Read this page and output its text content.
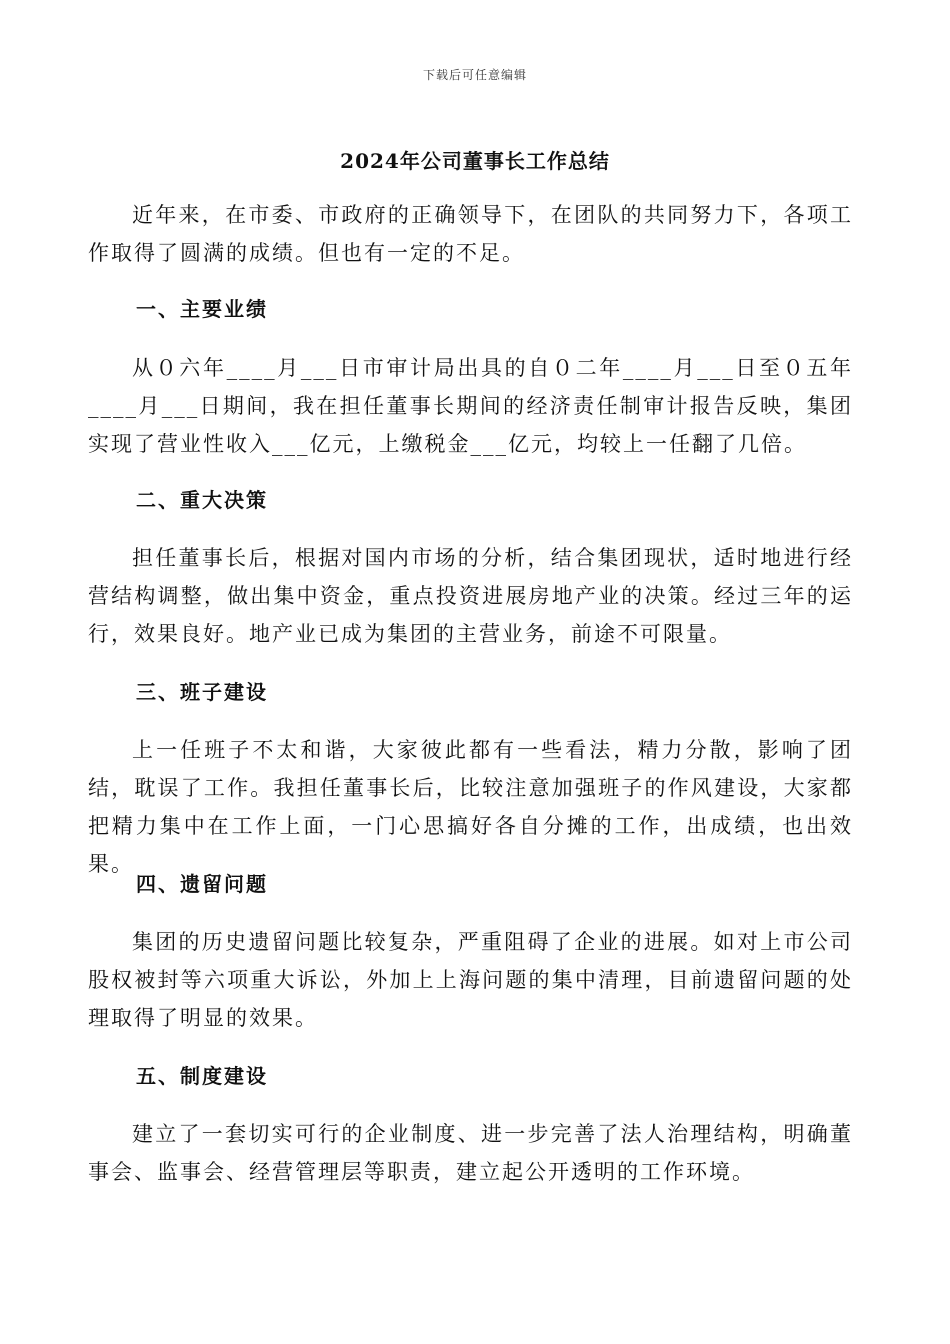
下载后可任意编辑
2024年公司董事长工作总结

近年来，在市委、市政府的正确领导下，在团队的共同努力下，各项工作取得了圆满的成绩。但也有一定的不足。

一、主要业绩

从０六年____月___日市审计局出具的自０二年____月___日至０五年____月___日期间，我在担任董事长期间的经济责任制审计报告反映，集团实现了营业性收入___亿元，上缴税金___亿元，均较上一任翻了几倍。

二、重大决策

担任董事长后，根据对国内市场的分析，结合集团现状，适时地进行经营结构调整，做出集中资金，重点投资进展房地产业的决策。经过三年的运行，效果良好。地产业已成为集团的主营业务，前途不可限量。

三、班子建设

上一任班子不太和谐，大家彼此都有一些看法，精力分散，影响了团结，耽误了工作。我担任董事长后，比较注意加强班子的作风建设，大家都把精力集中在工作上面，一门心思搞好各自分摊的工作，出成绩，也出效果。

四、遗留问题

集团的历史遗留问题比较复杂，严重阻碍了企业的进展。如对上市公司股权被封等六项重大诉讼，外加上上海问题的集中清理，目前遗留问题的处理取得了明显的效果。

五、制度建设

建立了一套切实可行的企业制度、进一步完善了法人治理结构，明确董事会、监事会、经营管理层等职责，建立起公开透明的工作环境。
